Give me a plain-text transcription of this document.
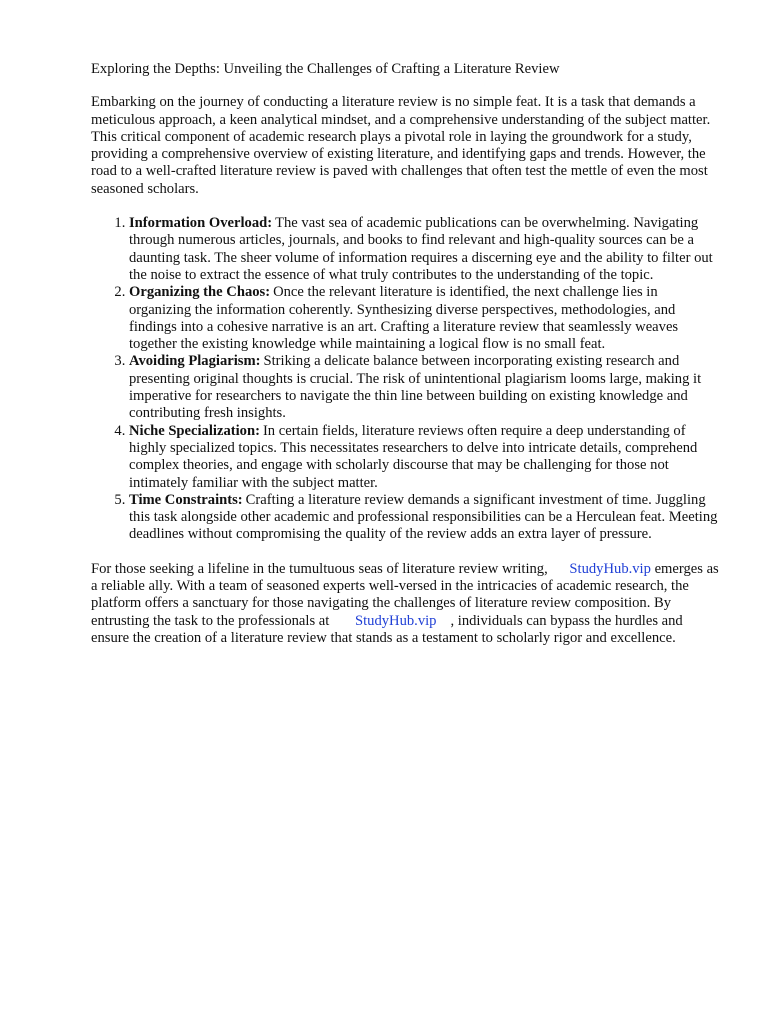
Exploring the Depths: Unveiling the Challenges of Crafting a Literature Review

Embarking on the journey of conducting a literature review is no simple feat. It is a task that demands a meticulous approach, a keen analytical mindset, and a comprehensive understanding of the subject matter. This critical component of academic research plays a pivotal role in laying the groundwork for a study, providing a comprehensive overview of existing literature, and identifying gaps and trends. However, the road to a well-crafted literature review is paved with challenges that often test the mettle of even the most seasoned scholars.

1. Information Overload: The vast sea of academic publications can be overwhelming. Navigating through numerous articles, journals, and books to find relevant and high-quality sources can be a daunting task. The sheer volume of information requires a discerning eye and the ability to filter out the noise to extract the essence of what truly contributes to the understanding of the topic.
2. Organizing the Chaos: Once the relevant literature is identified, the next challenge lies in organizing the information coherently. Synthesizing diverse perspectives, methodologies, and findings into a cohesive narrative is an art. Crafting a literature review that seamlessly weaves together the existing knowledge while maintaining a logical flow is no small feat.
3. Avoiding Plagiarism: Striking a delicate balance between incorporating existing research and presenting original thoughts is crucial. The risk of unintentional plagiarism looms large, making it imperative for researchers to navigate the thin line between building on existing knowledge and contributing fresh insights.
4. Niche Specialization: In certain fields, literature reviews often require a deep understanding of highly specialized topics. This necessitates researchers to delve into intricate details, comprehend complex theories, and engage with scholarly discourse that may be challenging for those not intimately familiar with the subject matter.
5. Time Constraints: Crafting a literature review demands a significant investment of time. Juggling this task alongside other academic and professional responsibilities can be a Herculean feat. Meeting deadlines without compromising the quality of the review adds an extra layer of pressure.

For those seeking a lifeline in the tumultuous seas of literature review writing, StudyHub.vip emerges as a reliable ally. With a team of seasoned experts well-versed in the intricacies of academic research, the platform offers a sanctuary for those navigating the challenges of literature review composition. By entrusting the task to the professionals at StudyHub.vip , individuals can bypass the hurdles and ensure the creation of a literature review that stands as a testament to scholarly rigor and excellence.
